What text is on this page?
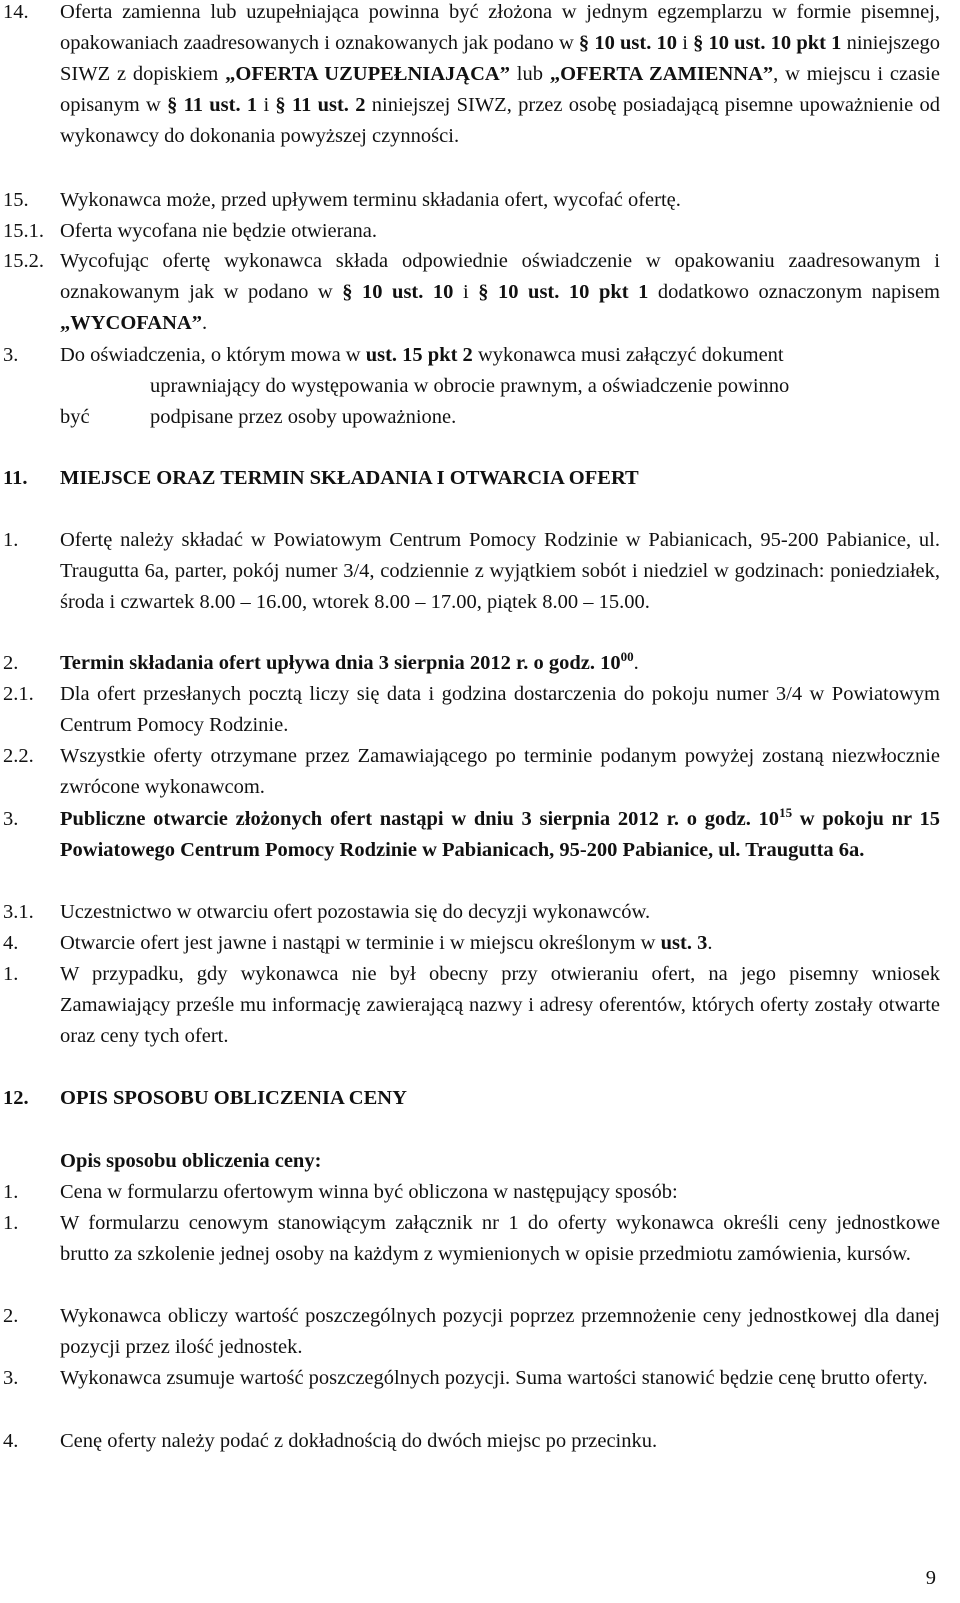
14.	Oferta zamienna lub uzupełniająca powinna być złożona w jednym egzemplarzu w formie pisemnej, opakowaniach zaadresowanych i oznakowanych jak podano w § 10 ust. 10 i § 10 ust. 10 pkt 1 niniejszego SIWZ z dopiskiem „OFERTA UZUPEŁNIAJĄCA” lub „OFERTA ZAMIENNA”, w miejscu i czasie opisanym w § 11 ust. 1 i § 11 ust. 2 niniejszej SIWZ, przez osobę posiadającą pisemne upoważnienie od wykonawcy do dokonania powyższej czynności.
15.	Wykonawca może, przed upływem terminu składania ofert, wycofać ofertę.
15.1. Oferta wycofana nie będzie otwierana.
15.2. Wycofując ofertę wykonawca składa odpowiednie oświadczenie w opakowaniu zaadresowanym i oznakowanym jak w podano w § 10 ust. 10 i § 10 ust. 10 pkt 1 dodatkowo oznaczonym napisem „WYCOFANA”.
3.	Do oświadczenia, o którym mowa w ust. 15 pkt 2 wykonawca musi załączyć dokument
uprawniający do występowania w obrocie prawnym, a oświadczenie powinno
być	podpisane przez osoby upoważnione.
11.	MIEJSCE ORAZ TERMIN SKŁADANIA I OTWARCIA OFERT
1.	Ofertę należy składać w Powiatowym Centrum Pomocy Rodzinie w Pabianicach, 95-200 Pabianice, ul. Traugutta 6a, parter, pokój numer 3/4, codziennie z wyjątkiem sobót i niedziel w godzinach: poniedziałek, środa i czwartek 8.00 – 16.00, wtorek 8.00 – 17.00, piątek 8.00 – 15.00.
2.	Termin składania ofert upływa dnia 3 sierpnia 2012 r. o godz. $10^{00}$.
2.1.	Dla ofert przesłanych pocztą liczy się data i godzina dostarczenia do pokoju numer 3/4 w Powiatowym Centrum Pomocy Rodzinie.
2.2.	Wszystkie oferty otrzymane przez Zamawiającego po terminie podanym powyżej zostaną niezwłocznie zwrócone wykonawcom.
3.	Publiczne otwarcie złożonych ofert nastąpi w dniu 3 sierpnia 2012 r. o godz. $10^{15}$ w pokoju nr 15 Powiatowego Centrum Pomocy Rodzinie w Pabianicach, 95-200 Pabianice, ul. Traugutta 6a.
3.1.	Uczestnictwo w otwarciu ofert pozostawia się do decyzji wykonawców.
4.	Otwarcie ofert jest jawne i nastąpi w terminie i w miejscu określonym w ust. 3.
1.	W przypadku, gdy wykonawca nie był obecny przy otwieraniu ofert, na jego pisemny wniosek Zamawiający prześle mu informację zawierającą nazwy i adresy oferentów, których oferty zostały otwarte oraz ceny tych ofert.
12.	OPIS SPOSOBU OBLICZENIA CENY
Opis sposobu obliczenia ceny:
1.	Cena w formularzu ofertowym winna być obliczona w następujący sposób:
1.	W formularzu cenowym stanowiącym załącznik nr 1 do oferty wykonawca określi ceny jednostkowe brutto za szkolenie jednej osoby na każdym z wymienionych w opisie przedmiotu zamówienia, kursów.
2.	Wykonawca obliczy wartość poszczególnych pozycji poprzez przemnożenie ceny jednostkowej dla danej pozycji przez ilość jednostek.
3.	Wykonawca zsumuje wartość poszczególnych pozycji. Suma wartości stanowić będzie cenę brutto oferty.
4.	Cenę oferty należy podać z dokładnością do dwóch miejsc po przecinku.
9
